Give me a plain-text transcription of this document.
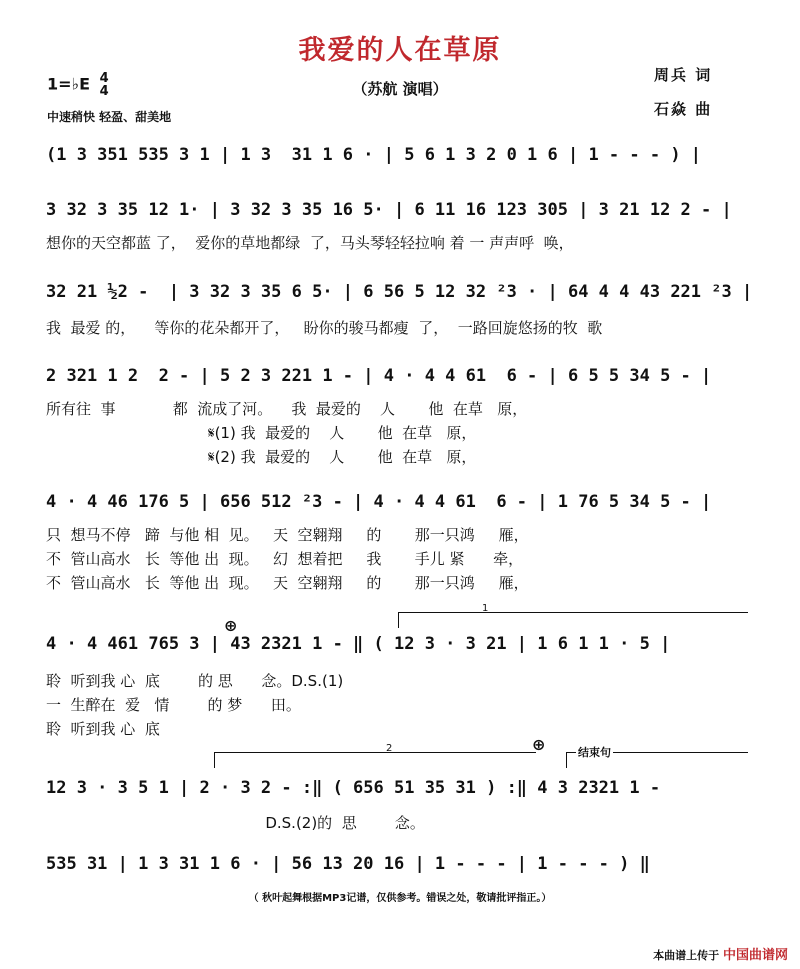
我爱的人在草原
（苏航 演唱）
1=♭E 4
4
中速稍快 轻盈、甜美地
周兵 词
石焱 曲
(1 3 351 535 3 1 | 1 3  31 1 6 · | 5 6 1 3 2 0 1 6 | 1 - - - ) |
3 32 3 35 12 1· | 3 32 3 35 16 5· | 6 11 16 123 305 | 3 21 12 2 - |
想你的天空都蓝 了，  爱你的草地都绿  了，马头琴轻轻拉响 着 一 声声呼  唤，
32 21 ½2 -  | 3 32 3 35 6 5· | 6 56 5 12 32 ²3 · | 64 4 4 43 221 ²3 |
我  最爱 的，    等你的花朵都开了，   盼你的骏马都瘦  了，  一路回旋悠扬的牧  歌
2 321 1 2  2 - | 5 2 3 221 1 - | 4 · 4 4 61  6 - | 6 5 5 34 5 - |
所有往  事            都  流成了河。    我  最爱的    人       他  在草   原，
𝄋(1) 我  最爱的    人       他  在草   原，
𝄋(2) 我  最爱的    人       他  在草   原，
4 · 4 46 176 5 | 656 512 ²3 - | 4 · 4 4 61  6 - | 1 76 5 34 5 - |
只  想马不停   蹄  与他 相  见。   天  空翱翔     的       那一只鸿     雁，
不  管山高水   长  等他 出  现。   幻  想着把     我       手儿 紧      牵，
不  管山高水   长  等他 出  现。   天  空翱翔     的       那一只鸿     雁，
⊕
1
4 · 4 461 765 3 | 43 2321 1 - ‖ ( 12 3 · 3 21 | 1 6 1 1 · 5 |
聆  听到我 心  底        的 思      念。D.S.(1)
一  生醉在  爱   情        的 梦      田。
聆  听到我 心  底
2	⊕	结束句
12 3 · 3 5 1 | 2 · 3 2 - :‖ ( 656 51 35 31 ) :‖ 4 3 2321 1 -
D.S.(2)的  思        念。
535 31 | 1 3 31 1 6 · | 56 13 20 16 | 1 - - - | 1 - - - ) ‖
（ 秋叶起舞根据MP3记谱，仅供参考。错误之处，敬请批评指正。）
本曲谱上传于 中国曲谱网
